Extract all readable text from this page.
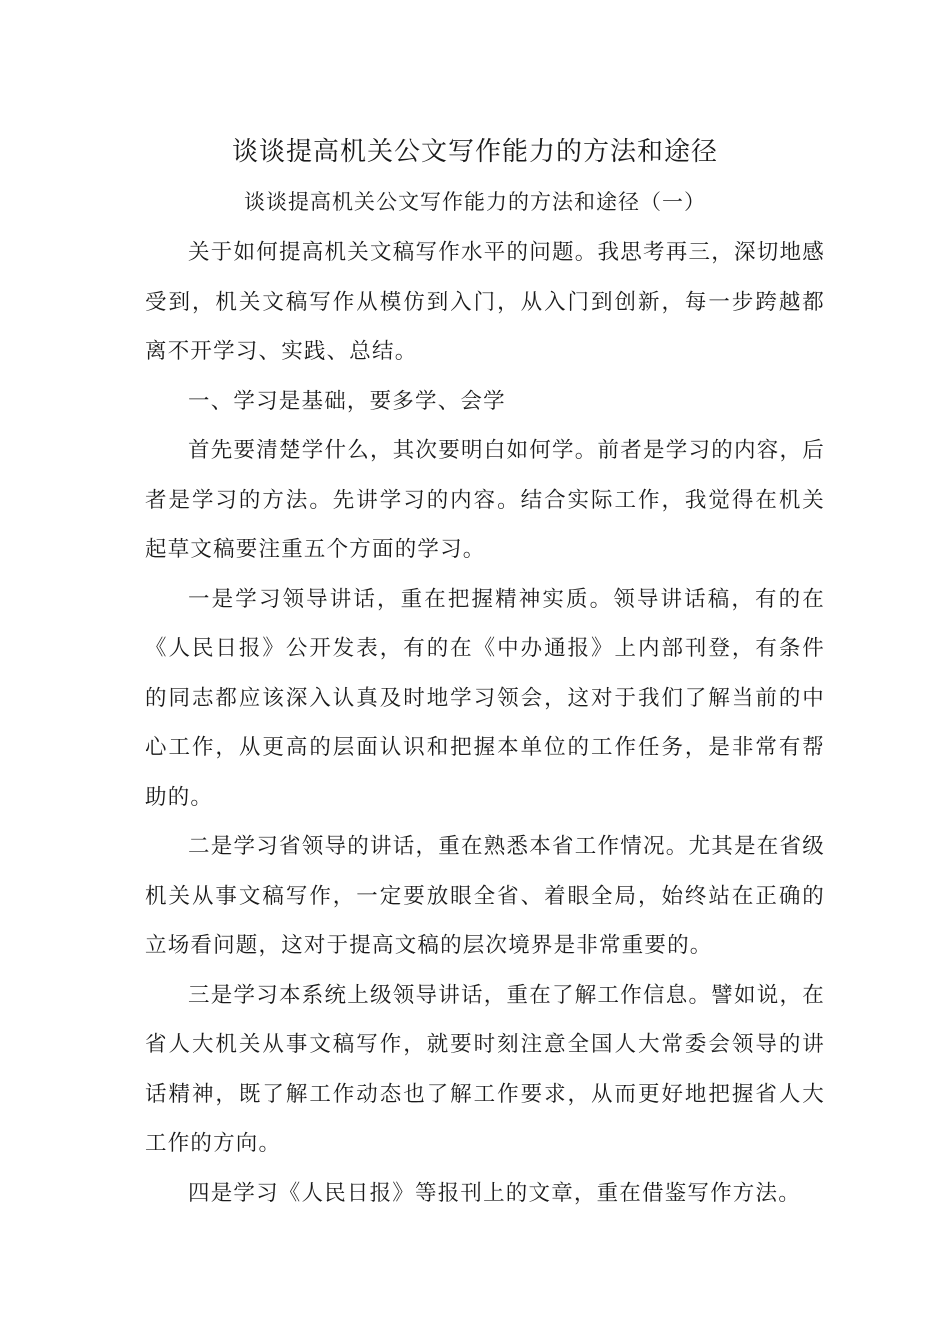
谈谈提高机关公文写作能力的方法和途径
谈谈提高机关公文写作能力的方法和途径（一）

关于如何提高机关文稿写作水平的问题。我思考再三，深切地感受到，机关文稿写作从模仿到入门，从入门到创新，每一步跨越都离不开学习、实践、总结。

一、学习是基础，要多学、会学

首先要清楚学什么，其次要明白如何学。前者是学习的内容，后者是学习的方法。先讲学习的内容。结合实际工作，我觉得在机关起草文稿要注重五个方面的学习。

一是学习领导讲话，重在把握精神实质。领导讲话稿，有的在《人民日报》公开发表，有的在《中办通报》上内部刊登，有条件的同志都应该深入认真及时地学习领会，这对于我们了解当前的中心工作，从更高的层面认识和把握本单位的工作任务，是非常有帮助的。

二是学习省领导的讲话，重在熟悉本省工作情况。尤其是在省级机关从事文稿写作，一定要放眼全省、着眼全局，始终站在正确的立场看问题，这对于提高文稿的层次境界是非常重要的。

三是学习本系统上级领导讲话，重在了解工作信息。譬如说，在省人大机关从事文稿写作，就要时刻注意全国人大常委会领导的讲话精神，既了解工作动态也了解工作要求，从而更好地把握省人大工作的方向。

四是学习《人民日报》等报刊上的文章，重在借鉴写作方法。
